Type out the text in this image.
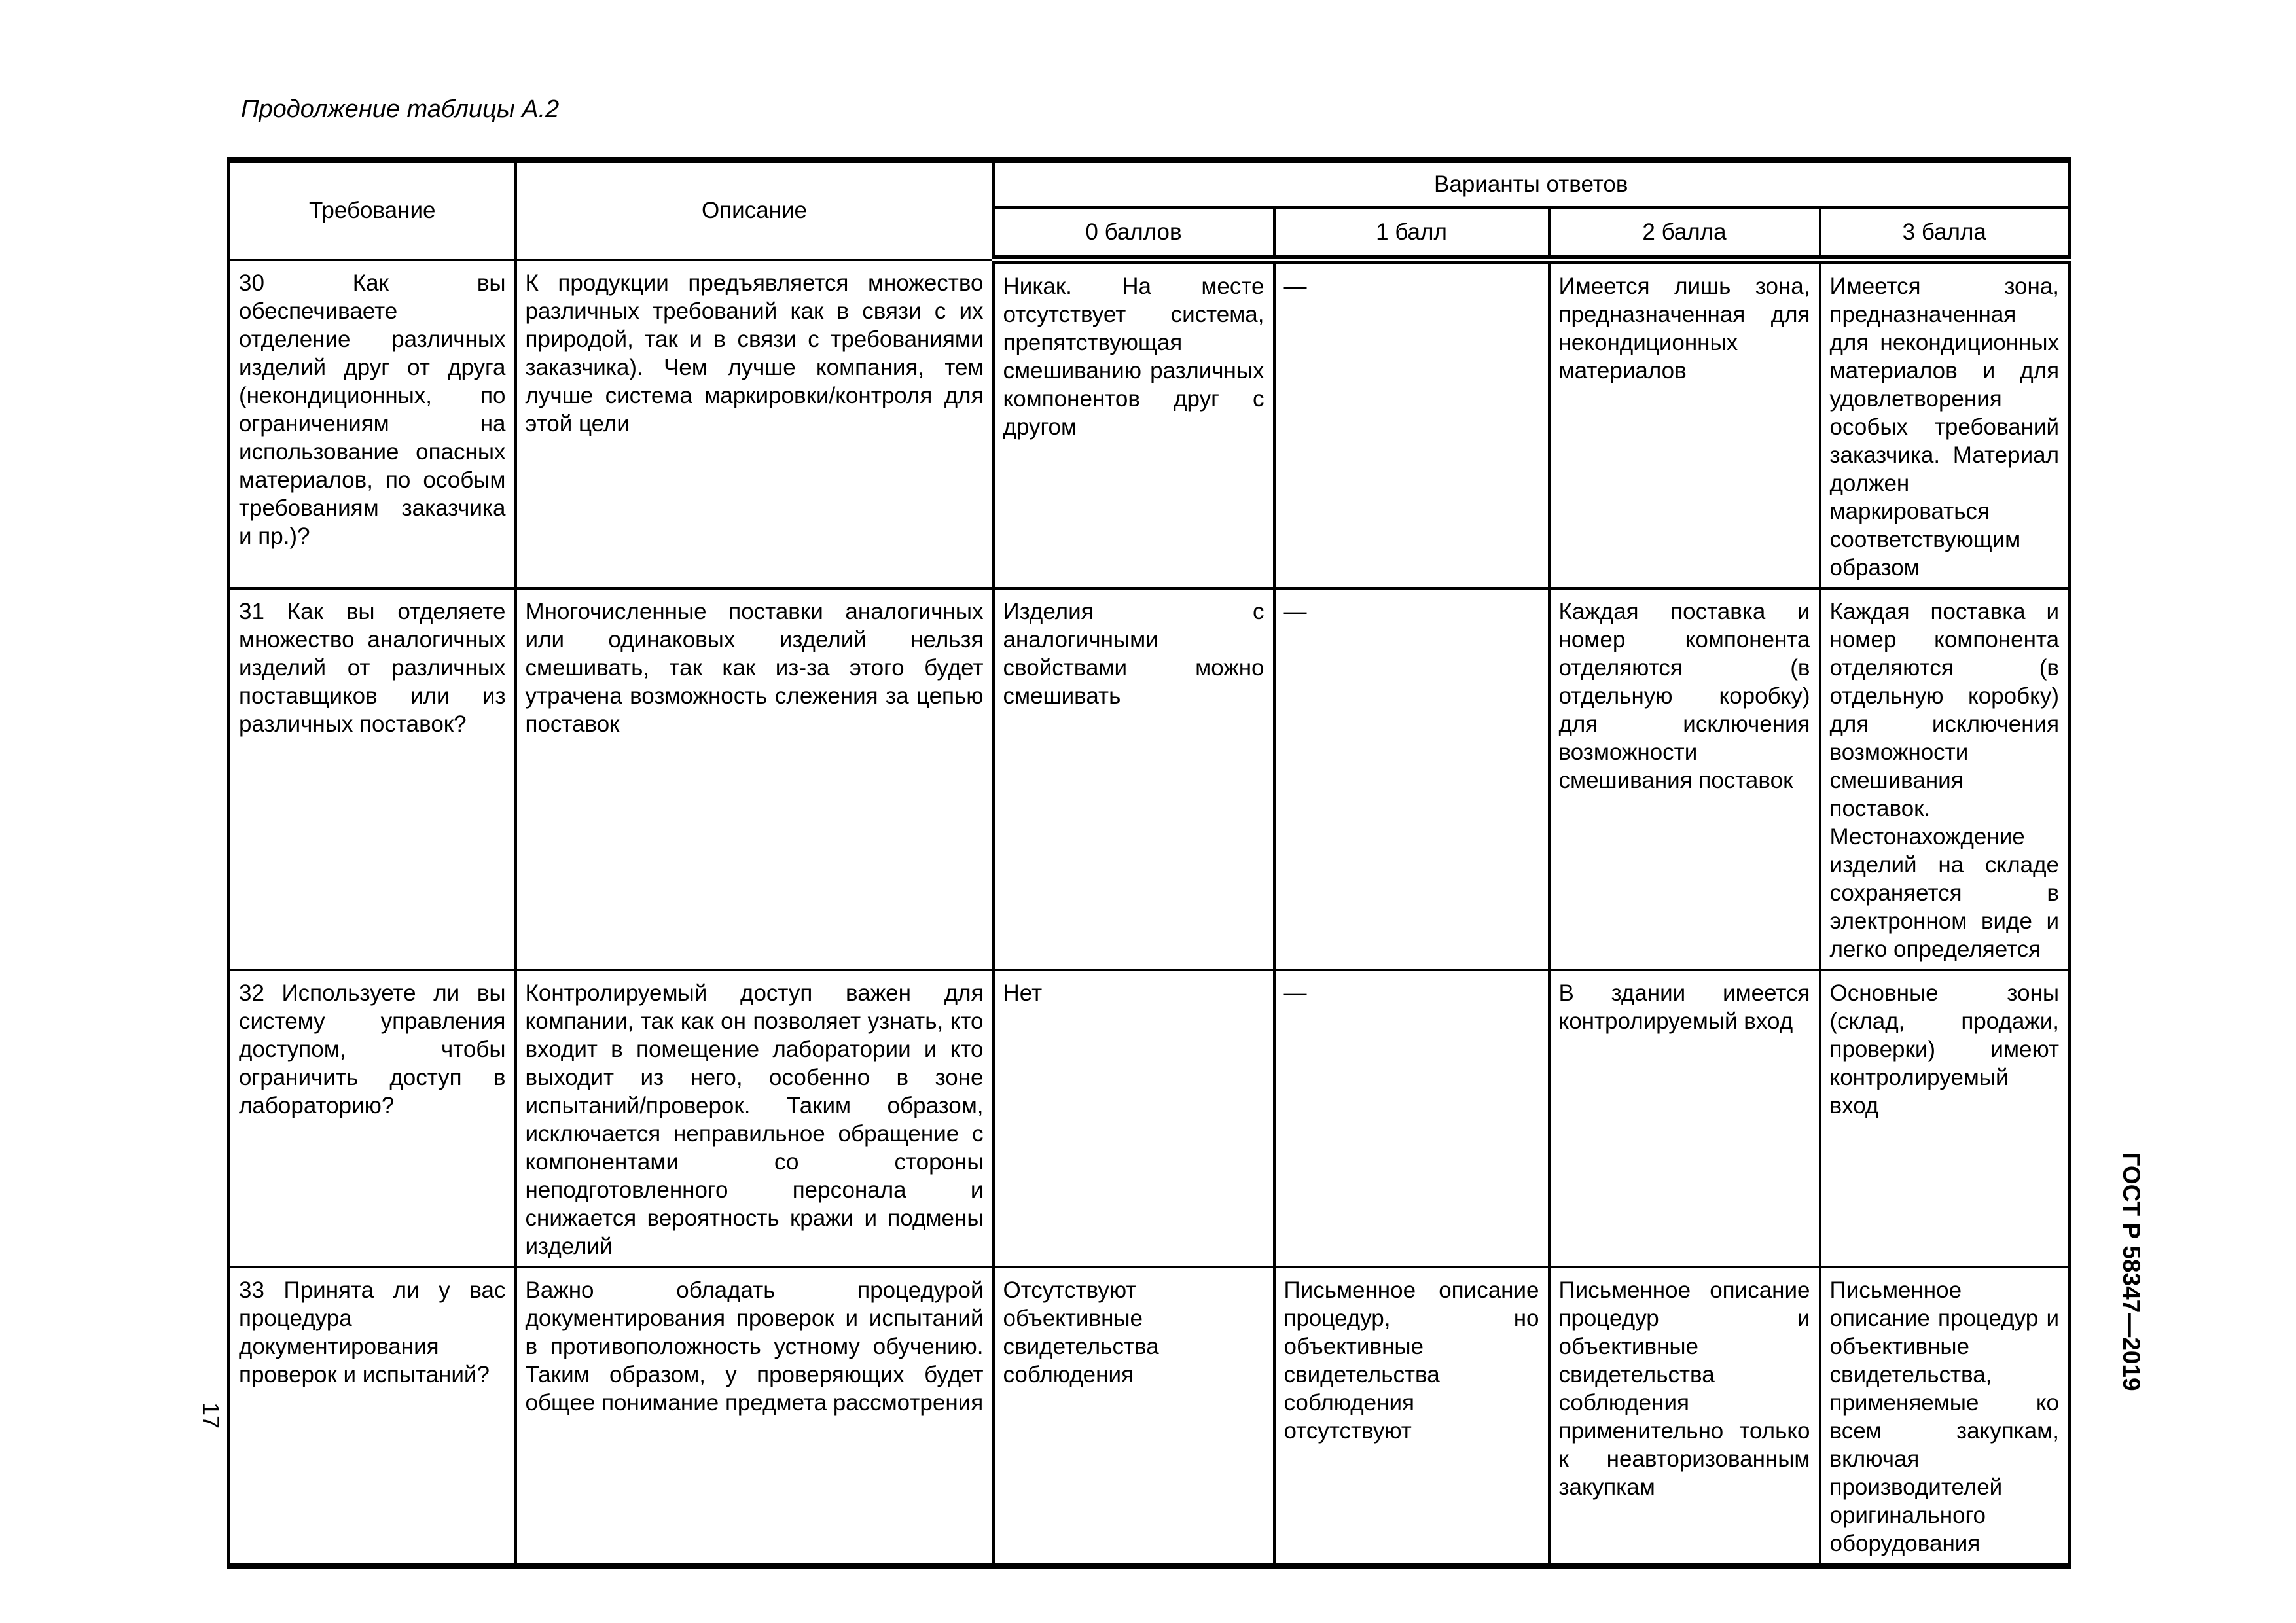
Продолжение таблицы А.2
Требование	Описание	Варианты ответов			
		0 баллов	1 балл	2 балла	3 балла
30 Как вы обеспечиваете отделение различных изделий друг от друга (некондиционных, по ограничениям на использование опасных материалов, по особым требованиям заказчика и пр.)?	К продукции предъявляется множество различных требований как в связи с их природой, так и в связи с требованиями заказчика). Чем лучше компания, тем лучше система маркировки/контроля для этой цели	Никак. На месте отсутствует система, препятствующая смешиванию различных компонентов друг с другом	—	Имеется лишь зона, предназначенная для некондиционных материалов	Имеется зона, предназначенная для некондиционных материалов и для удовлетворения особых требований заказчика. Материал должен маркироваться соответствующим образом
31 Как вы отделяете множество аналогичных изделий от различных поставщиков или из различных поставок?	Многочисленные поставки аналогичных или одинаковых изделий нельзя смешивать, так как из-за этого будет утрачена возможность слежения за цепью поставок	Изделия с аналогичными свойствами можно смешивать	—	Каждая поставка и номер компонента отделяются (в отдельную коробку) для исключения возможности смешивания поставок	Каждая поставка и номер компонента отделяются (в отдельную коробку) для исключения возможности смешивания поставок. Местонахождение изделий на складе сохраняется в электронном виде и легко определяется
32 Используете ли вы систему управления доступом, чтобы ограничить доступ в лабораторию?	Контролируемый доступ важен для компании, так как он позволяет узнать, кто входит в помещение лаборатории и кто выходит из него, особенно в зоне испытаний/проверок. Таким образом, исключается неправильное обращение с компонентами со стороны неподготовленного персонала и снижается вероятность кражи и подмены изделий	Нет	—	В здании имеется контролируемый вход	Основные зоны (склад, продажи, проверки) имеют контролируемый вход
33 Принята ли у вас процедура документирования проверок и испытаний?	Важно обладать процедурой документирования проверок и испытаний в противоположность устному обучению. Таким образом, у проверяющих будет общее понимание предмета рассмотрения	Отсутствуют объективные свидетельства соблюдения	Письменное описание процедур, но объективные свидетельства соблюдения отсутствуют	Письменное описание процедур и объективные свидетельства соблюдения применительно только к неавторизованным закупкам	Письменное описание процедур и объективные свидетельства, применяемые ко всем закупкам, включая производителей оригинального оборудования
ГОСТ Р 58347—2019
17
